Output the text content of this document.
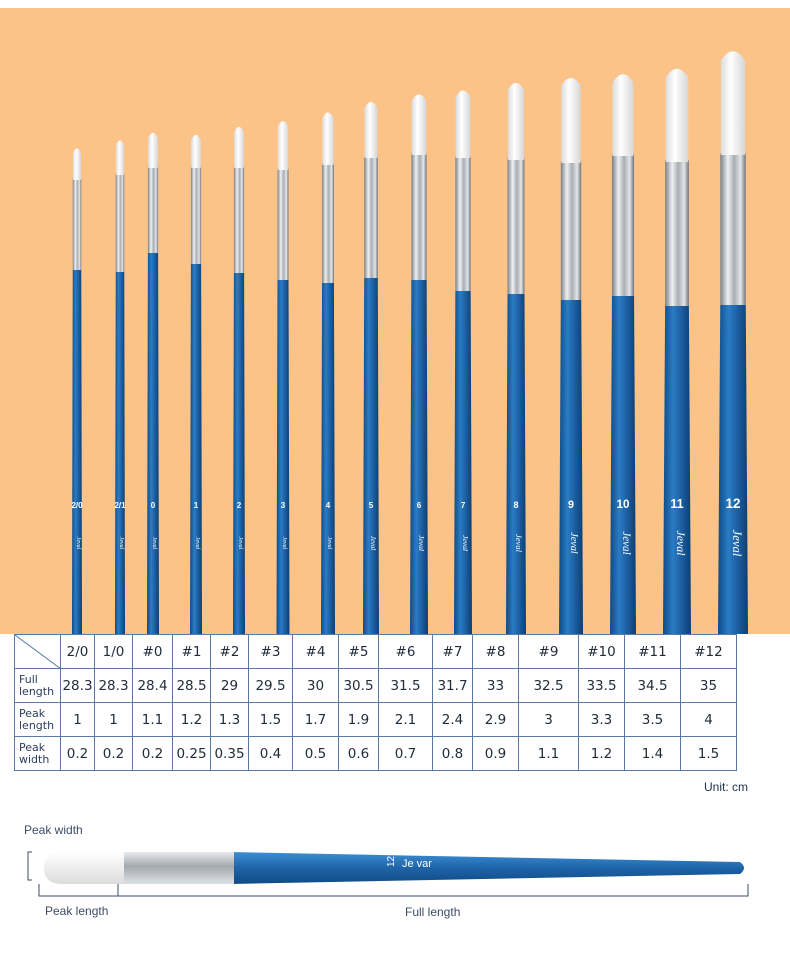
2/0
Jeval
2/1
Jeval
0
Jeval
1
Jeval
2
Jeval
3
Jeval
4
Jeval
5
Jeval
6
Jeval
7
Jeval
8
Jeval
9
Jeval
10
Jeval
11
Jeval
12
Jeval
	2/0	1/0	#0	#1	#2	#3	#4	#5	#6	#7	#8	#9	#10	#11	#12
Full length	28.3	28.3	28.4	28.5	29	29.5	30	30.5	31.5	31.7	33	32.5	33.5	34.5	35
Peak length	1	1	1.1	1.2	1.3	1.5	1.7	1.9	2.1	2.4	2.9	3	3.3	3.5	4
Peak width	0.2	0.2	0.2	0.25	0.35	0.4	0.5	0.6	0.7	0.8	0.9	1.1	1.2	1.4	1.5
Unit: cm
Peak width
12 Je var
Peak length	Full length
